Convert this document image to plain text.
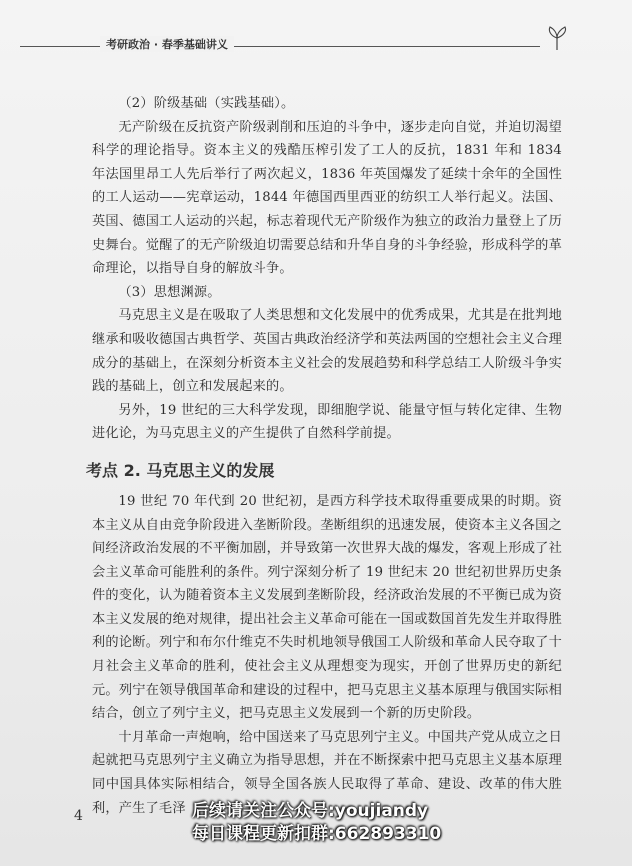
考研政治 · 春季基础讲义

（2）阶级基础（实践基础）。

无产阶级在反抗资产阶级剥削和压迫的斗争中，逐步走向自觉，并迫切渴望科学的理论指导。资本主义的残酷压榨引发了工人的反抗，1831 年和 1834 年法国里昂工人先后举行了两次起义，1836 年英国爆发了延续十余年的全国性的工人运动——宪章运动，1844 年德国西里西亚的纺织工人举行起义。法国、英国、德国工人运动的兴起，标志着现代无产阶级作为独立的政治力量登上了历史舞台。觉醒了的无产阶级迫切需要总结和升华自身的斗争经验，形成科学的革命理论，以指导自身的解放斗争。

（3）思想渊源。

马克思主义是在吸取了人类思想和文化发展中的优秀成果，尤其是在批判地继承和吸收德国古典哲学、英国古典政治经济学和英法两国的空想社会主义合理成分的基础上，在深刻分析资本主义社会的发展趋势和科学总结工人阶级斗争实践的基础上，创立和发展起来的。

另外，19 世纪的三大科学发现，即细胞学说、能量守恒与转化定律、生物进化论，为马克思主义的产生提供了自然科学前提。

考点 2. 马克思主义的发展

19 世纪 70 年代到 20 世纪初，是西方科学技术取得重要成果的时期。资本主义从自由竞争阶段进入垄断阶段。垄断组织的迅速发展，使资本主义各国之间经济政治发展的不平衡加剧，并导致第一次世界大战的爆发，客观上形成了社会主义革命可能胜利的条件。列宁深刻分析了 19 世纪末 20 世纪初世界历史条件的变化，认为随着资本主义发展到垄断阶段，经济政治发展的不平衡已成为资本主义发展的绝对规律，提出社会主义革命可能在一国或数国首先发生并取得胜利的论断。列宁和布尔什维克不失时机地领导俄国工人阶级和革命人民夺取了十月社会主义革命的胜利，使社会主义从理想变为现实，开创了世界历史的新纪元。列宁在领导俄国革命和建设的过程中，把马克思主义基本原理与俄国实际相结合，创立了列宁主义，把马克思主义发展到一个新的历史阶段。

十月革命一声炮响，给中国送来了马克思列宁主义。中国共产党从成立之日起就把马克思列宁主义确立为指导思想，并在不断探索中把马克思主义基本原理同中国具体实际相结合，领导全国各族人民取得了革命、建设、改革的伟大胜利，产生了毛泽

4	后续请关注公众号:youjiandy
每日课程更新扣群:662893310
